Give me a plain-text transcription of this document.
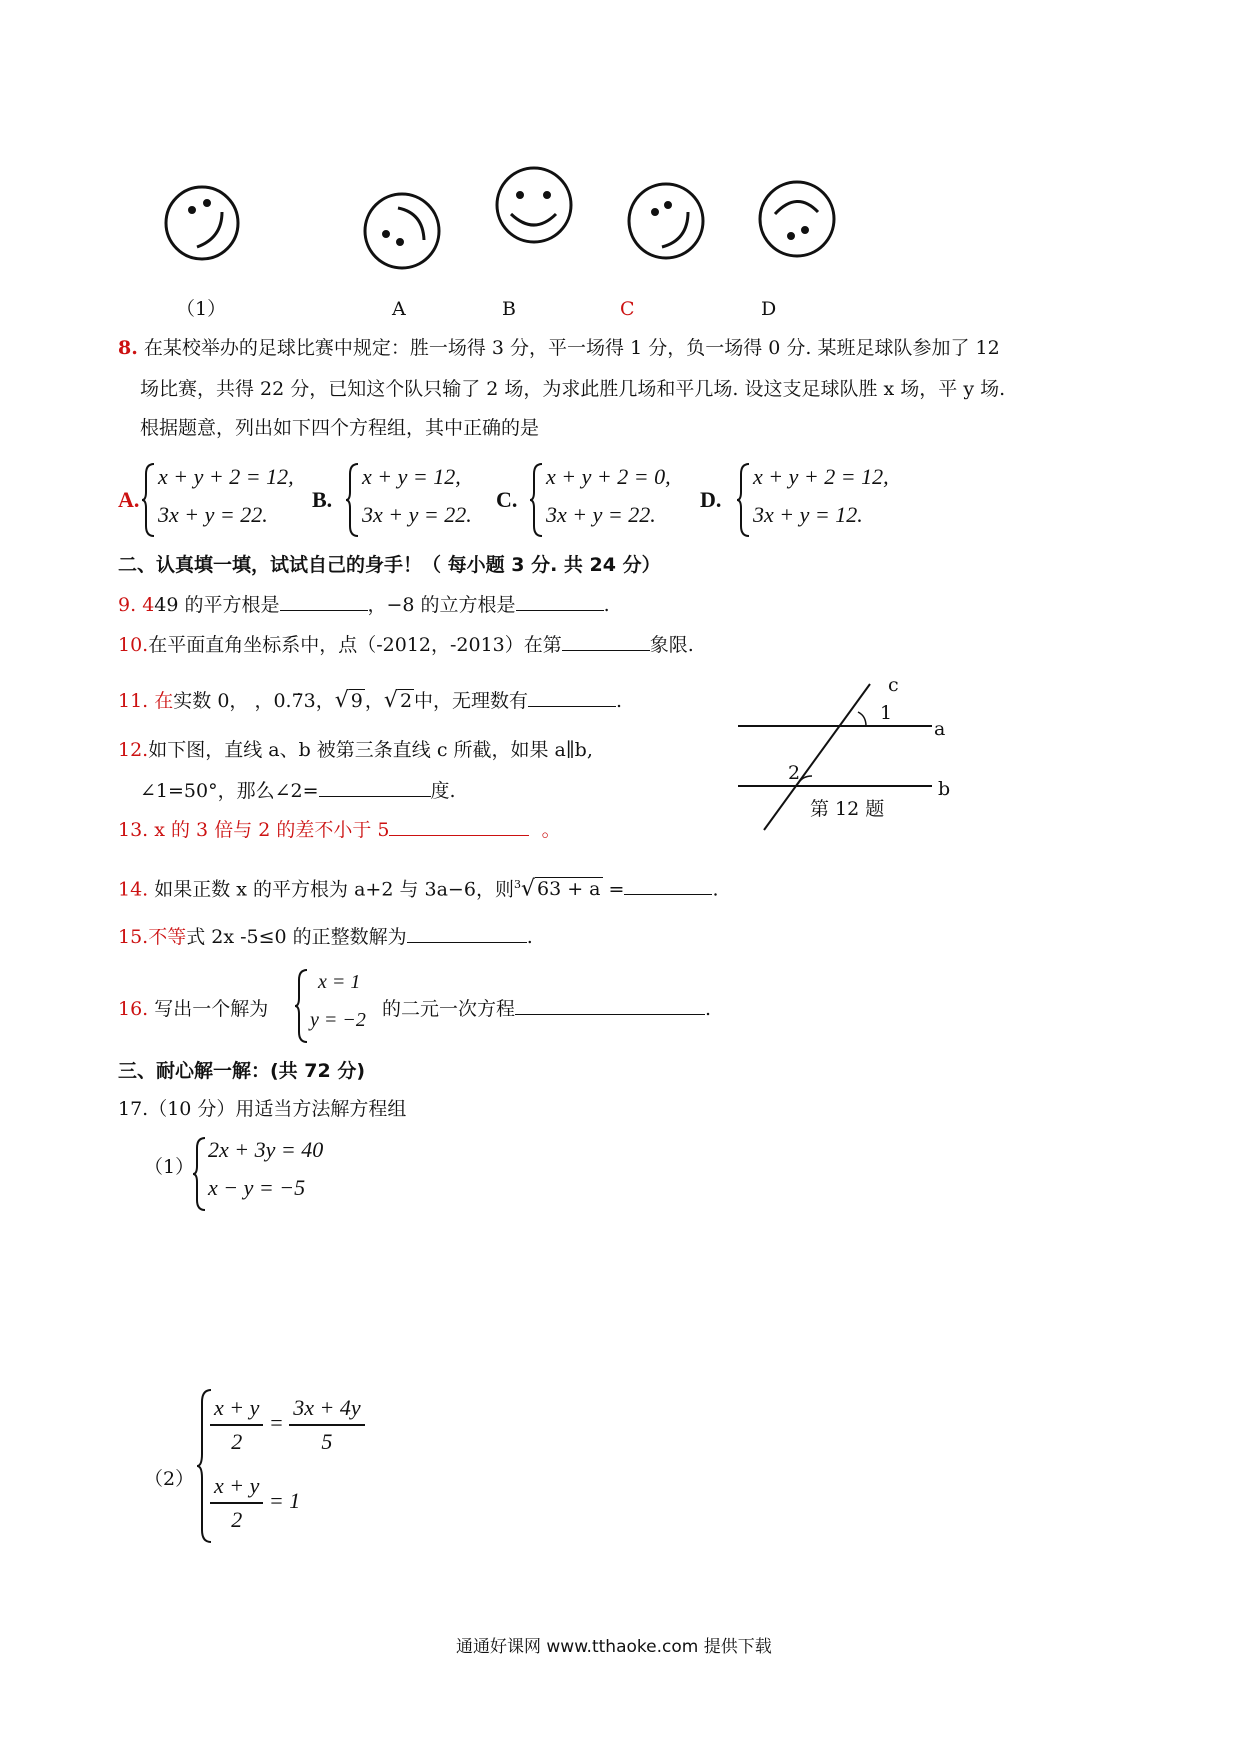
（1）	A	B	C	D
8. 在某校举办的足球比赛中规定：胜一场得 3 分，平一场得 1 分，负一场得 0 分. 某班足球队参加了 12
场比赛，共得 22 分，已知这个队只输了 2 场，为求此胜几场和平几场. 设这支足球队胜 x 场，平 y 场.
根据题意，列出如下四个方程组，其中正确的是
A.
x + y + 2 = 12,
3x + y = 22.
B.
x + y = 12,
3x + y = 22.
C.
x + y + 2 = 0,
3x + y = 22.
D.
x + y + 2 = 12,
3x + y = 12.
二、认真填一填，试试自己的身手！（ 每小题 3 分. 共 24 分）
9. 449 的平方根是	，−8 的立方根是	.
10.在平面直角坐标系中，点（-2012，-2013）在第	象限.
11. 在实数 0， ，0.7̇3，√ 9 ，√ 2 中，无理数有	.
12.如下图，直线 a、b 被第三条直线 c 所截，如果 a∥b,
∠1=50°，那么∠2=	度.
c
1
a
2
b
第 12 题
13. x 的 3 倍与 2 的差不小于 5	。
14. 如果正数 x 的平方根为 a+2 与 3a−6，则$^3$√ 63 + a =	.
15.不等式 2x -5≤0 的正整数解为	.
16. 写出一个解为
x = 1
y = −2 的二元一次方程	.
三、耐心解一解：(共 72 分)
17.（10 分）用适当方法解方程组
（1）
2x + 3y = 40
x − y = −5
（2）
$\frac{x + y}{2} = \frac{3x + 4y}{5}$
$\frac{x + y}{2} = 1$
通通好课网 www.tthaoke.com 提供下载
